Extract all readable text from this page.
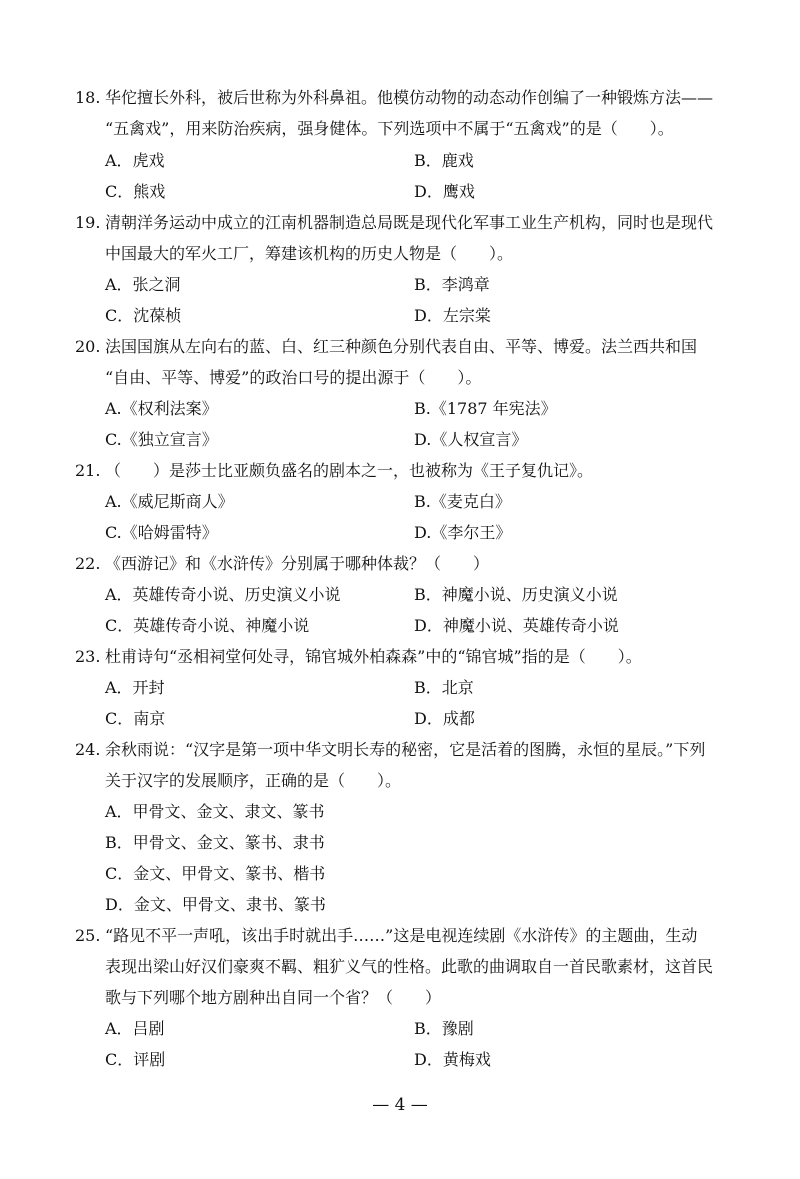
18. 华佗擅长外科，被后世称为外科鼻祖。他模仿动物的动态动作创编了一种锻炼方法——
“五禽戏”，用来防治疾病，强身健体。下列选项中不属于“五禽戏”的是（　　）。
A．虎戏	B．鹿戏
C．熊戏	D．鹰戏
19. 清朝洋务运动中成立的江南机器制造总局既是现代化军事工业生产机构，同时也是现代
中国最大的军火工厂，筹建该机构的历史人物是（　　）。
A．张之洞	B．李鸿章
C．沈葆桢	D．左宗棠
20. 法国国旗从左向右的蓝、白、红三种颜色分别代表自由、平等、博爱。法兰西共和国
“自由、平等、博爱”的政治口号的提出源于（　　）。
A.《权利法案》	B.《1787 年宪法》
C.《独立宣言》	D.《人权宣言》
21. （　　）是莎士比亚颇负盛名的剧本之一，也被称为《王子复仇记》。
A.《威尼斯商人》	B.《麦克白》
C.《哈姆雷特》	D.《李尔王》
22. 《西游记》和《水浒传》分别属于哪种体裁？（　　）
A．英雄传奇小说、历史演义小说	B．神魔小说、历史演义小说
C．英雄传奇小说、神魔小说	D．神魔小说、英雄传奇小说
23. 杜甫诗句“丞相祠堂何处寻，锦官城外柏森森”中的“锦官城”指的是（　　）。
A．开封	B．北京
C．南京	D．成都
24. 余秋雨说：“汉字是第一项中华文明长寿的秘密，它是活着的图腾，永恒的星辰。”下列
关于汉字的发展顺序，正确的是（　　）。
A．甲骨文、金文、隶文、篆书
B．甲骨文、金文、篆书、隶书
C．金文、甲骨文、篆书、楷书
D．金文、甲骨文、隶书、篆书
25. “路见不平一声吼，该出手时就出手……”这是电视连续剧《水浒传》的主题曲，生动
表现出梁山好汉们豪爽不羁、粗犷义气的性格。此歌的曲调取自一首民歌素材，这首民
歌与下列哪个地方剧种出自同一个省？（　　）
A．吕剧	B．豫剧
C．评剧	D．黄梅戏
— 4 —
